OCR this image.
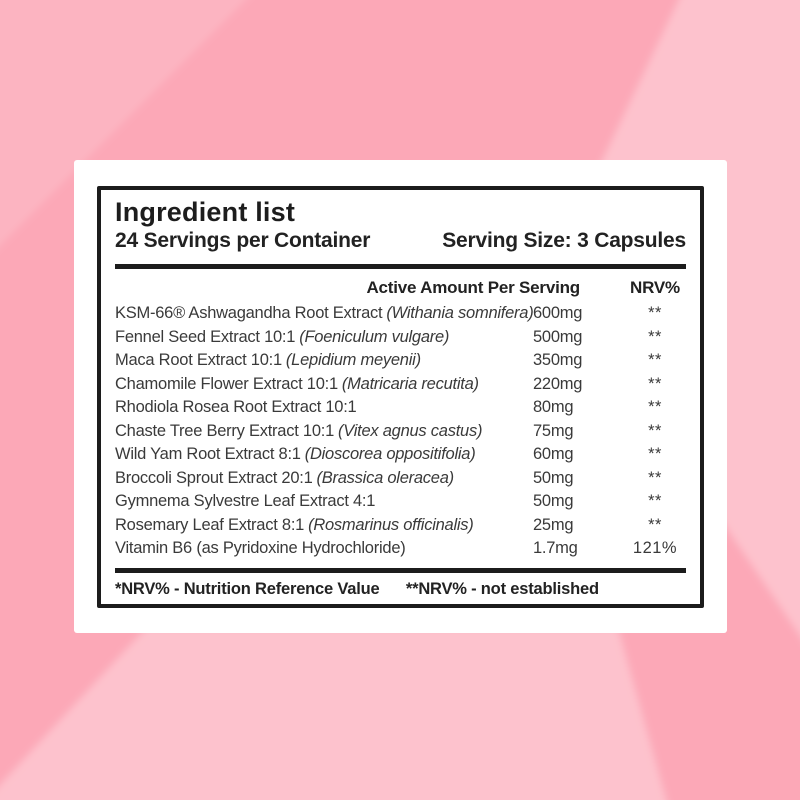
Ingredient list
24 Servings per Container	Serving Size: 3 Capsules
Active Amount Per Serving	NRV%
KSM-66® Ashwagandha Root Extract (Withania somnifera) 600mg	**
Fennel Seed Extract 10:1 (Foeniculum vulgare)	500mg	**
Maca Root Extract 10:1 (Lepidium meyenii)	350mg	**
Chamomile Flower Extract 10:1 (Matricaria recutita)	220mg	**
Rhodiola Rosea Root Extract 10:1	80mg	**
Chaste Tree Berry Extract 10:1 (Vitex agnus castus)	75mg	**
Wild Yam Root Extract 8:1 (Dioscorea oppositifolia)	60mg	**
Broccoli Sprout Extract 20:1 (Brassica oleracea)	50mg	**
Gymnema Sylvestre Leaf Extract 4:1	50mg	**
Rosemary Leaf Extract 8:1 (Rosmarinus officinalis)	25mg	**
Vitamin B6 (as Pyridoxine Hydrochloride)	1.7mg	121%
*NRV% - Nutrition Reference Value **NRV% - not established
